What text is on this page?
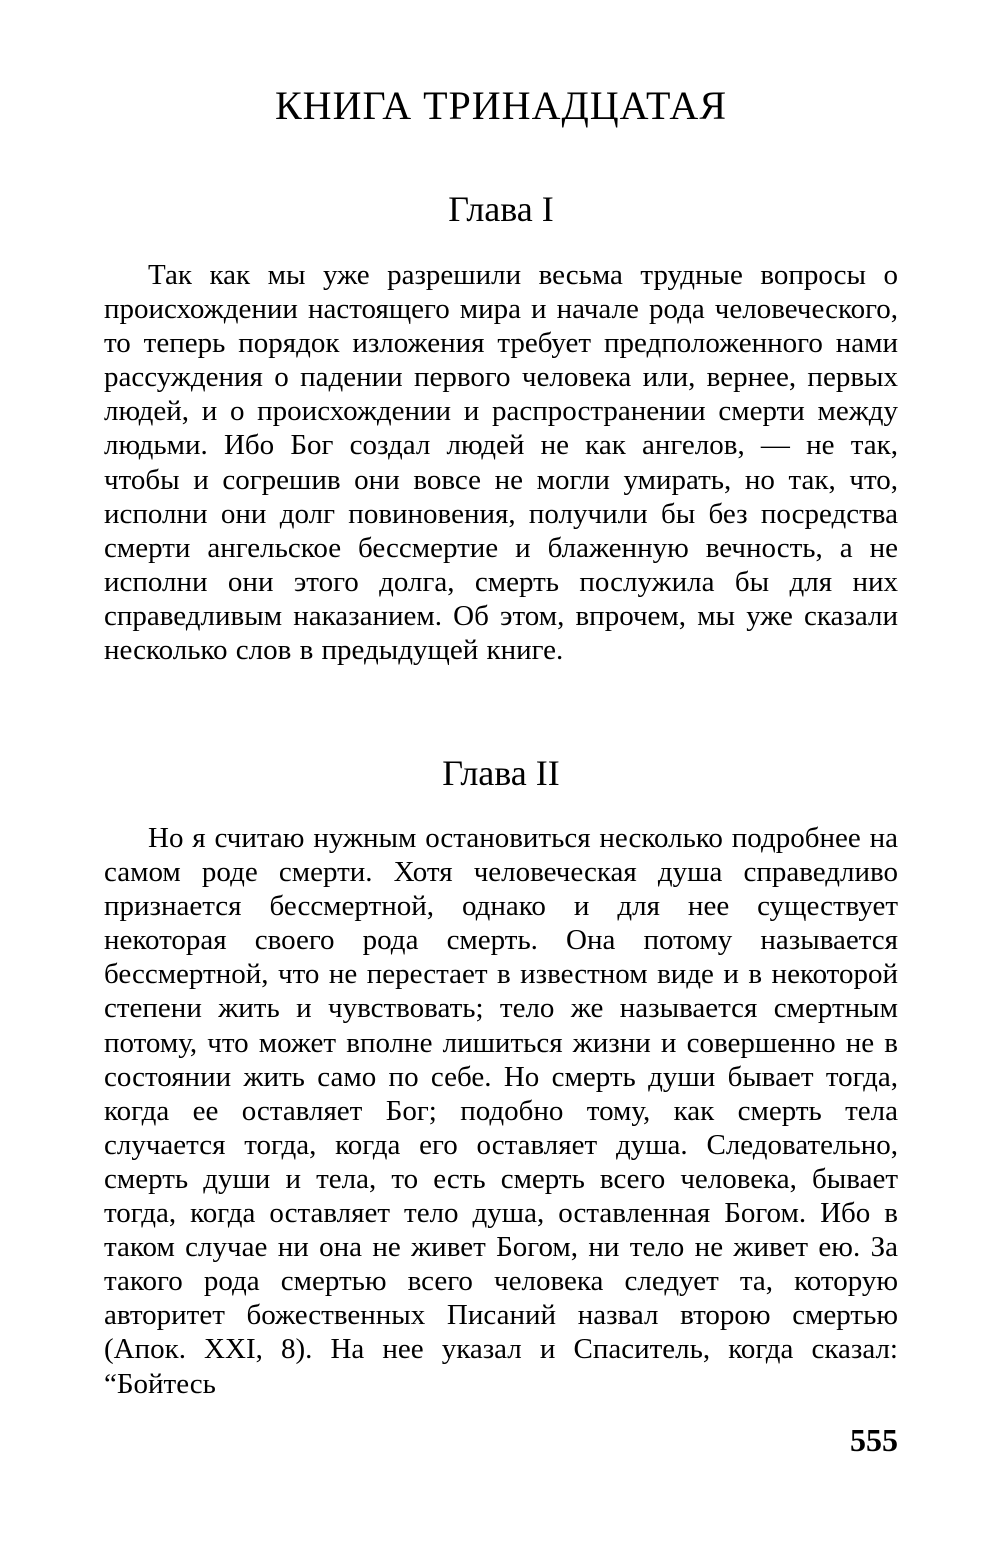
КНИГА ТРИНАДЦАТАЯ
Глава I

Так как мы уже разрешили весьма трудные вопросы о происхождении настоящего мира и начале рода человеческого, то теперь порядок изложения требует предположенного нами рассуждения о падении первого человека или, вернее, первых людей, и о происхождении и распространении смерти между людьми. Ибо Бог создал людей не как ангелов, — не так, чтобы и согрешив они вовсе не могли умирать, но так, что, исполни они долг повиновения, получили бы без посредства смерти ангельское бессмертие и блаженную вечность, а не исполни они этого долга, смерть послужила бы для них справедливым наказанием. Об этом, впрочем, мы уже сказали несколько слов в предыдущей книге.

Глава II

Но я считаю нужным остановиться несколько подробнее на самом роде смерти. Хотя человеческая душа справедливо признается бессмертной, однако и для нее существует некоторая своего рода смерть. Она потому называется бессмертной, что не перестает в известном виде и в некоторой степени жить и чувствовать; тело же называется смертным потому, что может вполне лишиться жизни и совершенно не в состоянии жить само по себе. Но смерть души бывает тогда, когда ее оставляет Бог; подобно тому, как смерть тела случается тогда, когда его оставляет душа. Следовательно, смерть души и тела, то есть смерть всего человека, бывает тогда, когда оставляет тело душа, оставленная Богом. Ибо в таком случае ни она не живет Богом, ни тело не живет ею. За такого рода смертью всего человека следует та, которую авторитет божественных Писаний назвал второю смертью (Апок. XXI, 8). На нее указал и Спаситель, когда сказал: “Бойтесь

555
